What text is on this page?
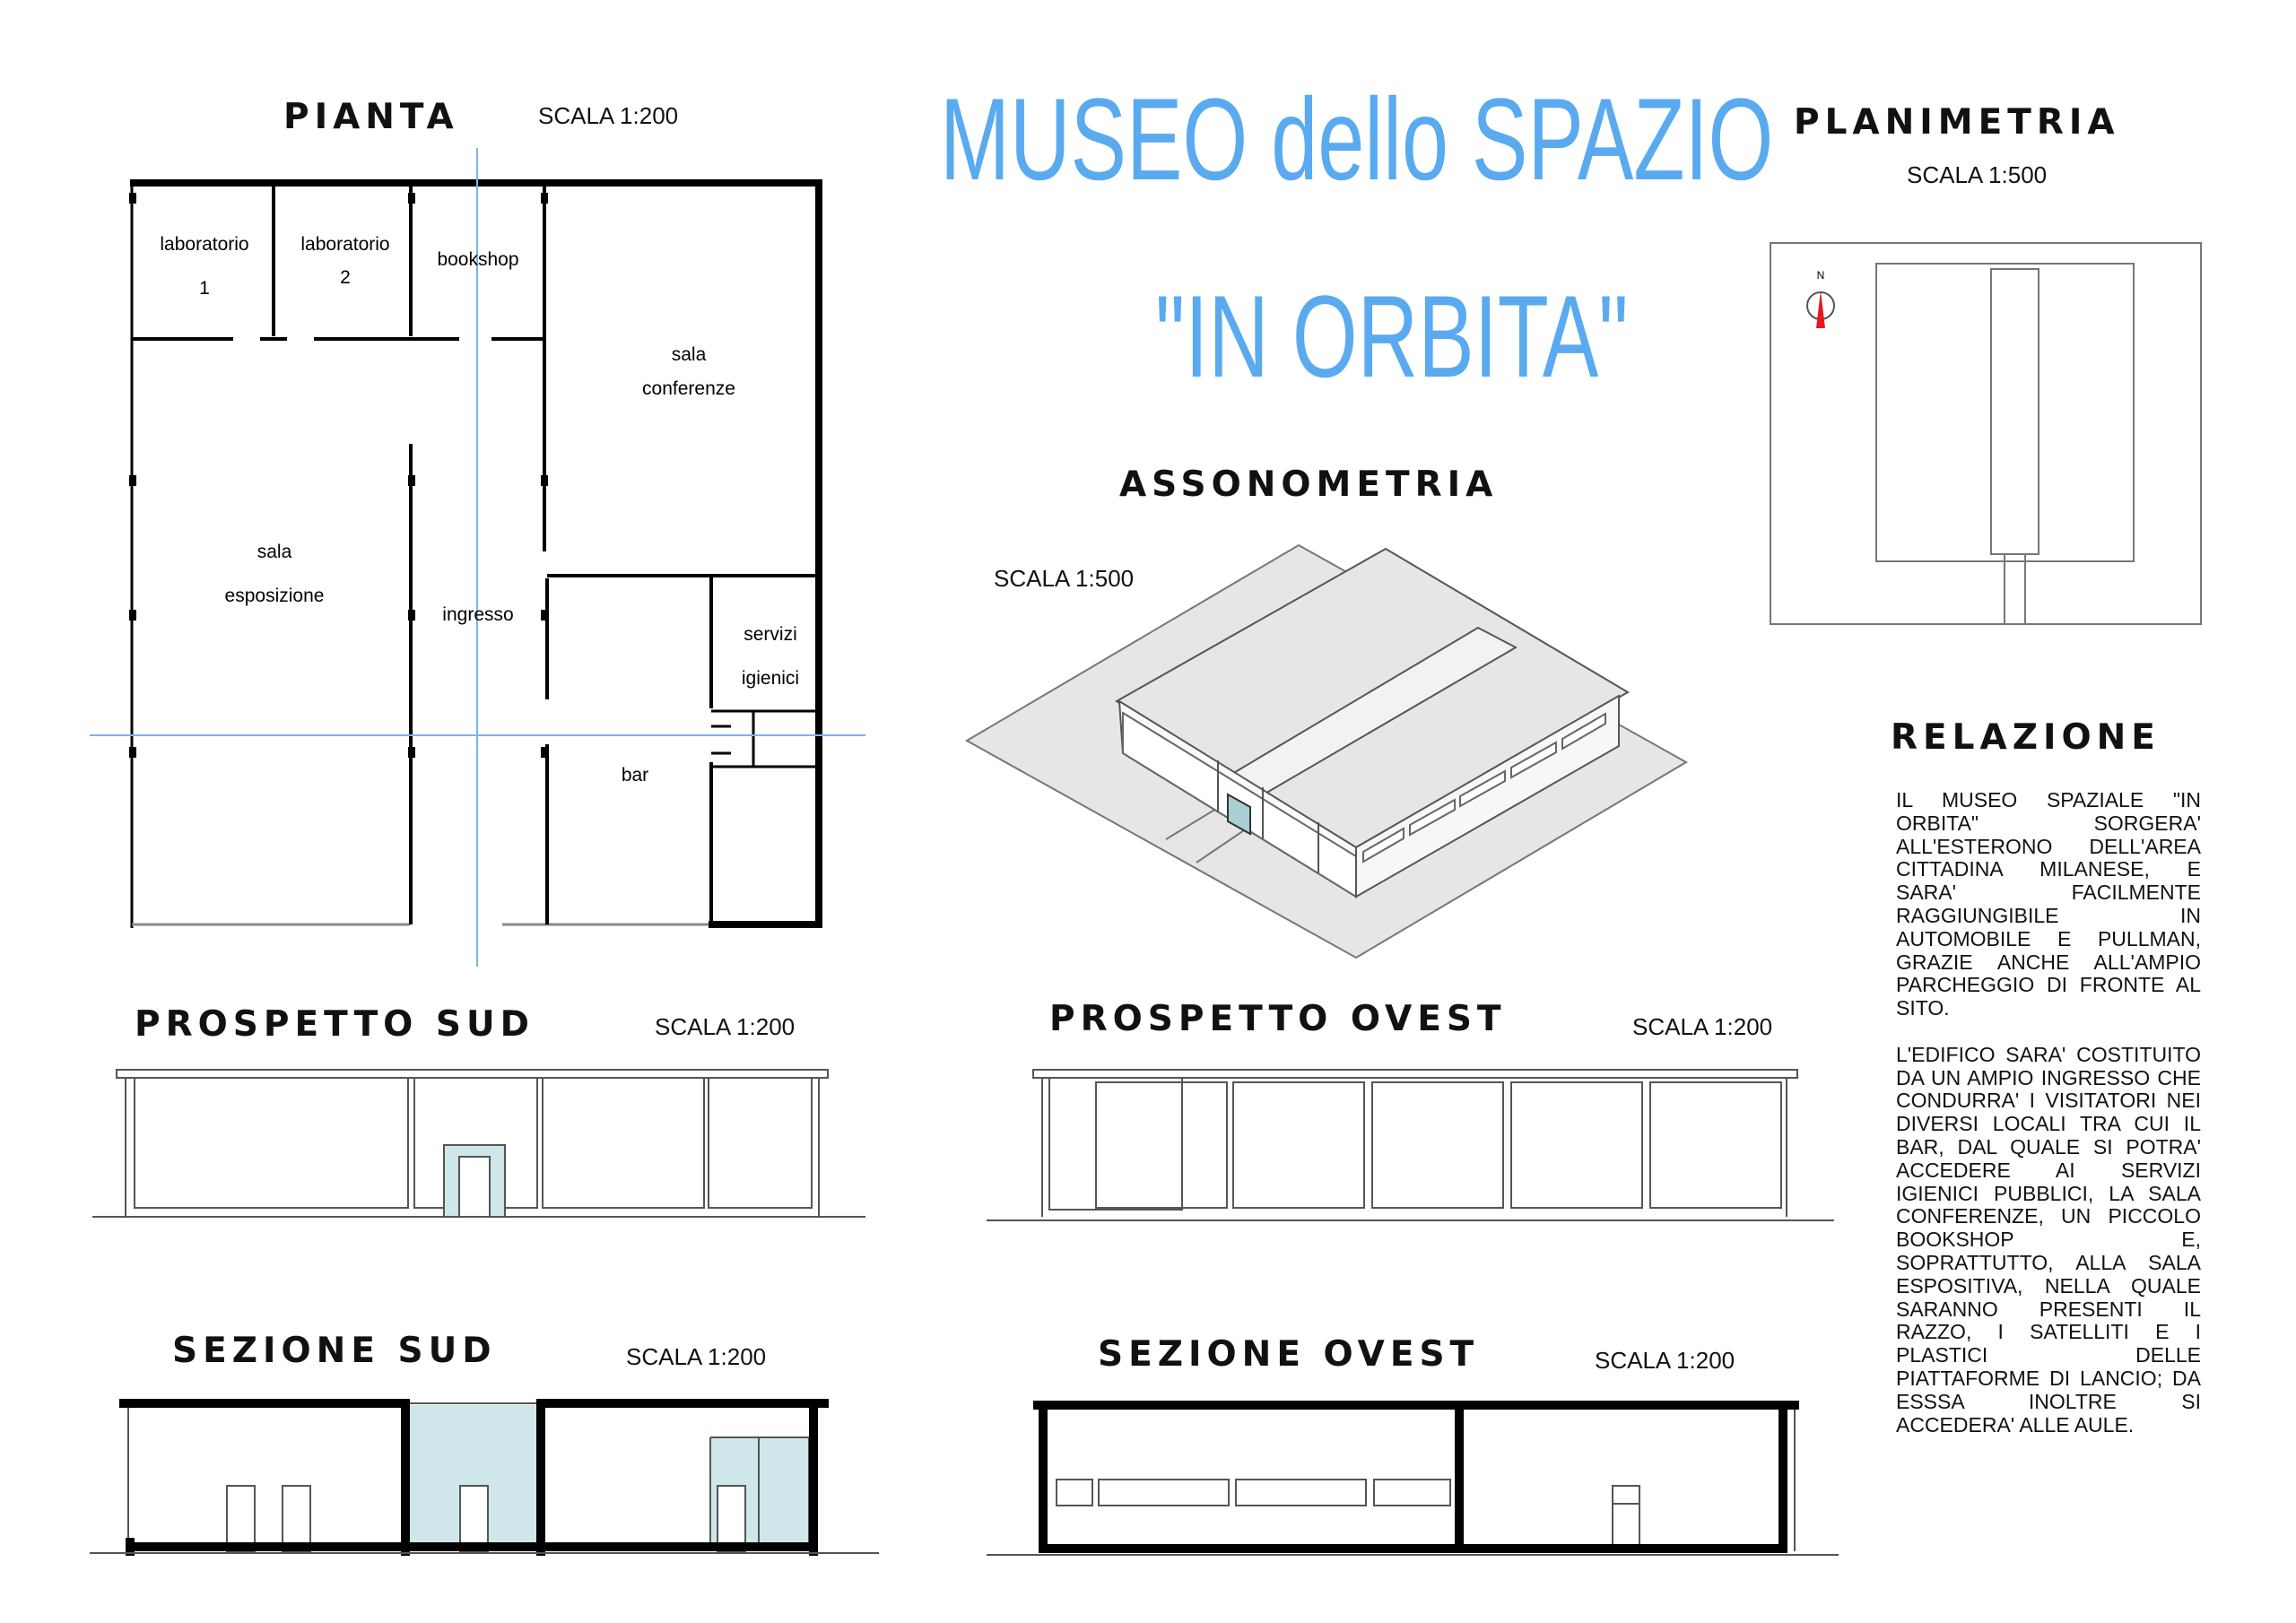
MUSEO dello SPAZIO
"IN ORBITA"
PIANTA	SCALA 1:200
laboratorio
1
laboratorio
2
bookshop
sala
conferenze
sala
esposizione
ingresso
servizi
igienici
bar
PLANIMETRIA
SCALA 1:500
N
ASSONOMETRIA
SCALA 1:500
PROSPETTO SUD	SCALA 1:200	PROSPETTO OVEST	SCALA 1:200
SEZIONE SUD	SCALA 1:200	SEZIONE OVEST	SCALA 1:200
RELAZIONE

IL MUSEO SPAZIALE "IN ORBITA" SORGERA' ALL'ESTERONO DELL'AREA CITTADINA MILANESE, E SARA' FACILMENTE RAGGIUNGIBILE IN AUTOMOBILE E PULLMAN, GRAZIE ANCHE ALL'AMPIO PARCHEGGIO DI FRONTE AL SITO.

L'EDIFICO SARA' COSTITUITO DA UN AMPIO INGRESSO CHE CONDURRA' I VISITATORI NEI DIVERSI LOCALI TRA CUI IL BAR, DAL QUALE SI POTRA' ACCEDERE AI SERVIZI IGIENICI PUBBLICI, LA SALA CONFERENZE, UN PICCOLO BOOKSHOP E, SOPRATTUTTO, ALLA SALA ESPOSITIVA, NELLA QUALE SARANNO PRESENTI IL RAZZO, I SATELLITI E I PLASTICI DELLE PIATTAFORME DI LANCIO; DA ESSSA INOLTRE SI ACCEDERA' ALLE AULE.
